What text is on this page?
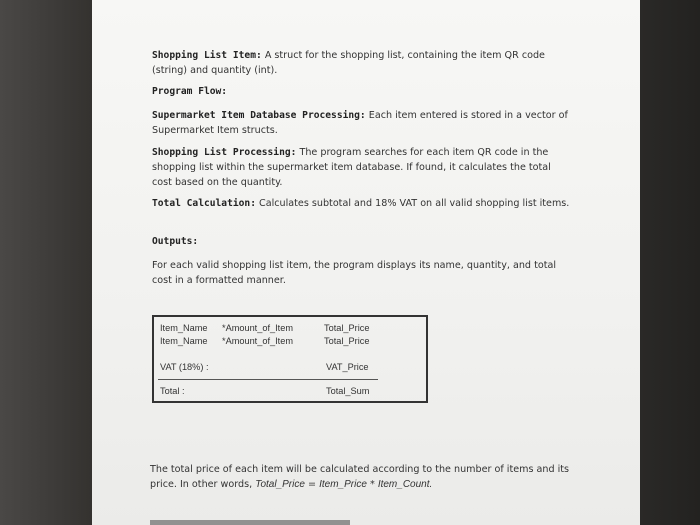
Shopping List Item: A struct for the shopping list, containing the item QR code (string) and quantity (int).
Program Flow:
Supermarket Item Database Processing: Each item entered is stored in a vector of Supermarket Item structs.
Shopping List Processing: The program searches for each item QR code in the shopping list within the supermarket item database. If found, it calculates the total cost based on the quantity.
Total Calculation: Calculates subtotal and 18% VAT on all valid shopping list items.
Outputs:
For each valid shopping list item, the program displays its name, quantity, and total cost in a formatted manner.
Item_Name *Amount_of_Item	Total_Price
Item_Name *Amount_of_Item	Total_Price
VAT (18%) :	VAT_Price
Total :	Total_Sum
The total price of each item will be calculated according to the number of items and its price. In other words, Total_Price = Item_Price * Item_Count.
